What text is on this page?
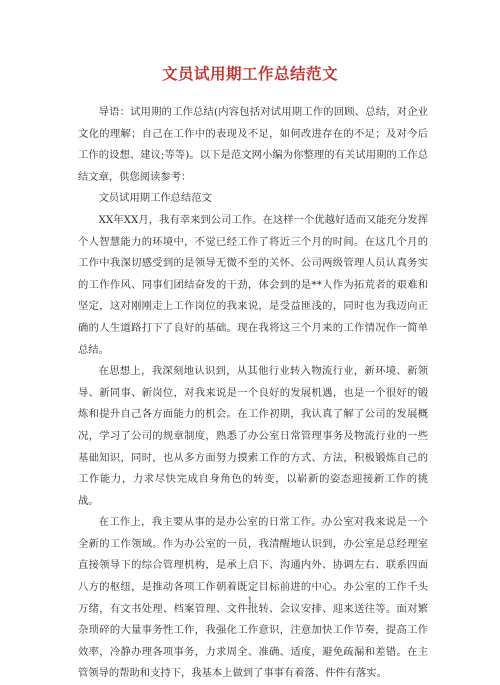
文员试用期工作总结范文

导语：试用期的工作总结(内容包括对试用期工作的回顾、总结，对企业文化的理解；自己在工作中的表现及不足，如何改进存在的不足；及对今后工作的设想、建议;等等)。以下是范文网小编为你整理的有关试用期的工作总结文章，供您阅读参考：

文员试用期工作总结范文

XX年XX月，我有幸来到公司工作。在这样一个优越好适而又能充分发挥个人智慧能力的环境中，不觉已经工作了将近三个月的时间。在这几个月的工作中我深切感受到的是领导无微不至的关怀、公司两级管理人员认真务实的工作作风、同事们团结奋发的干劲，体会到的是**人作为拓荒者的艰难和坚定，这对刚刚走上工作岗位的我来说，是受益匪浅的，同时也为我迈向正确的人生道路打下了良好的基础。现在我将这三个月来的工作情况作一简单总结。

在思想上，我深刻地认识到，从其他行业转入物流行业，新环境、新领导、新同事、新岗位，对我来说是一个良好的发展机遇，也是一个很好的锻炼和提升自己各方面能力的机会。在工作初期，我认真了解了公司的发展概况，学习了公司的规章制度，熟悉了办公室日常管理事务及物流行业的一些基础知识，同时，也从多方面努力摸索工作的方式、方法，积极锻炼自己的工作能力，力求尽快完成自身角色的转变，以崭新的姿态迎接新工作的挑战。

在工作上，我主要从事的是办公室的日常工作。办公室对我来说是一个全新的工作领域。作为办公室的一员，我清醒地认识到，办公室是总经理室直接领导下的综合管理机构，是承上启下、沟通内外、协调左右、联系四面八方的枢纽，是推动各项工作朝着既定目标前进的中心。办公室的工作千头万绪，有文书处理、档案管理、文件批转、会议安排、迎来送往等。面对繁杂琐碎的大量事务性工作，我强化工作意识，注意加快工作节奏，提高工作效率，冷静办理各项事务，力求周全、准确、适度，避免疏漏和差错。在主管领导的帮助和支持下，我基本上做到了事事有着落、件件有落实。

1
